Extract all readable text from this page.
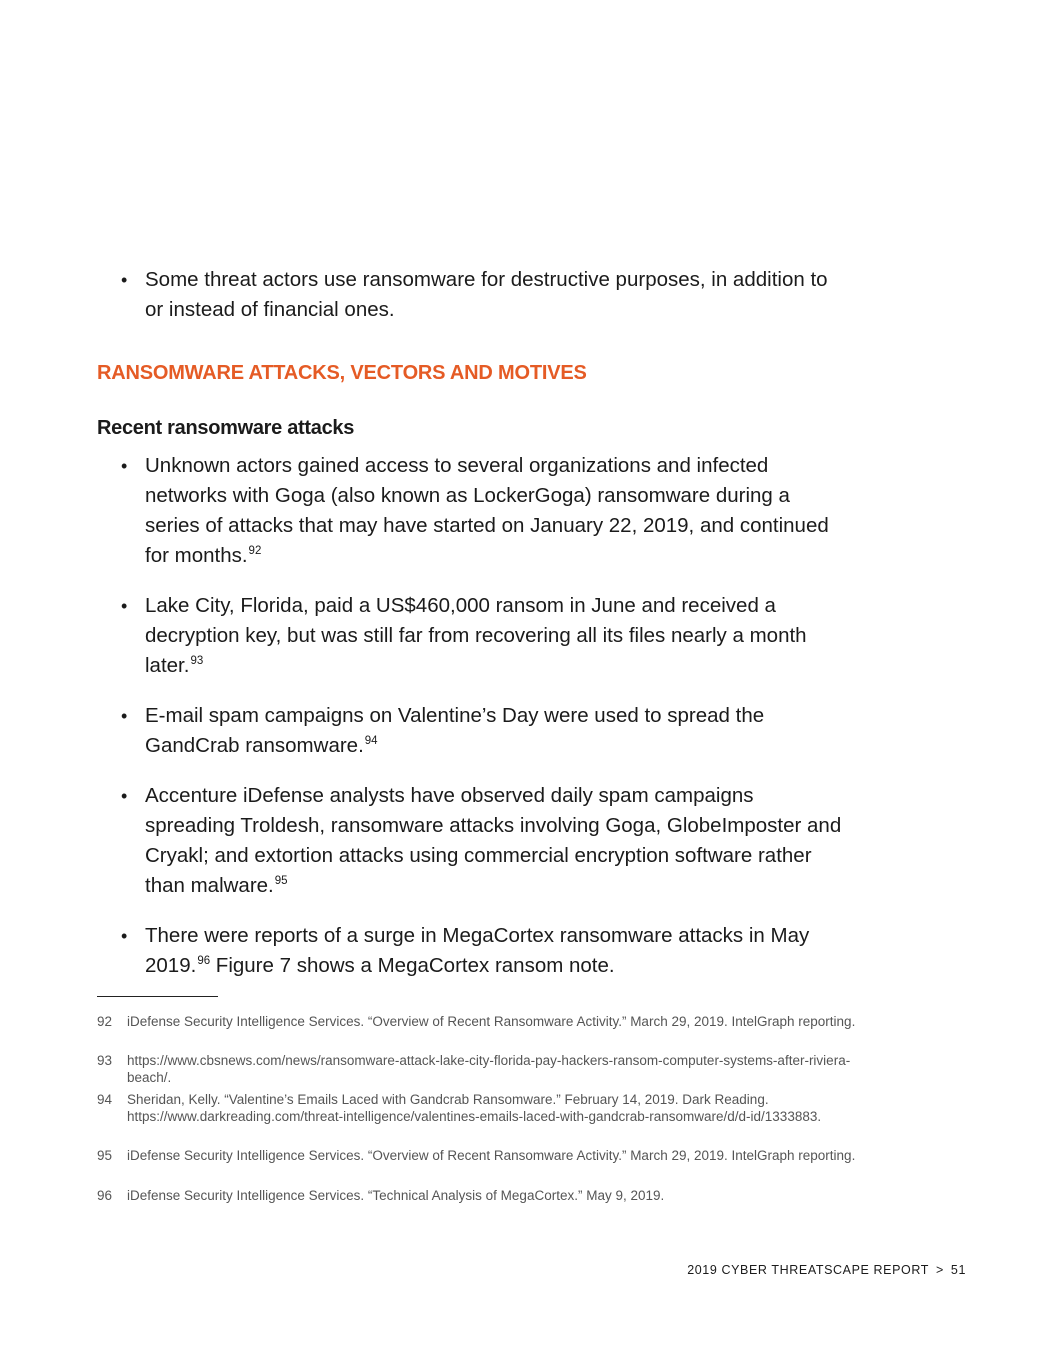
• Some threat actors use ransomware for destructive purposes, in addition to or instead of financial ones.
RANSOMWARE ATTACKS, VECTORS AND MOTIVES
Recent ransomware attacks
• Unknown actors gained access to several organizations and infected networks with Goga (also known as LockerGoga) ransomware during a series of attacks that may have started on January 22, 2019, and continued for months.$^{92}$
• Lake City, Florida, paid a US$460,000 ransom in June and received a decryption key, but was still far from recovering all its files nearly a month later.$^{93}$
• E-mail spam campaigns on Valentine’s Day were used to spread the GandCrab ransomware.$^{94}$
• Accenture iDefense analysts have observed daily spam campaigns spreading Troldesh, ransomware attacks involving Goga, GlobeImposter and Cryakl; and extortion attacks using commercial encryption software rather than malware.$^{95}$
• There were reports of a surge in MegaCortex ransomware attacks in May 2019.96 Figure 7 shows a MegaCortex ransom note.
92 iDefense Security Intelligence Services. “Overview of Recent Ransomware Activity.” March 29, 2019. IntelGraph reporting.
93 https://www.cbsnews.com/news/ransomware-attack-lake-city-florida-pay-hackers-ransom-computer-systems-after-riviera-beach/.
94 Sheridan, Kelly. “Valentine’s Emails Laced with Gandcrab Ransomware.” February 14, 2019. Dark Reading. https://www.darkreading.com/threat-intelligence/valentines-emails-laced-with-gandcrab-ransomware/d/d-id/1333883.
95 iDefense Security Intelligence Services. “Overview of Recent Ransomware Activity.” March 29, 2019. IntelGraph reporting.
96 iDefense Security Intelligence Services. “Technical Analysis of MegaCortex.” May 9, 2019.
2019 CYBER THREATSCAPE REPORT > 51
